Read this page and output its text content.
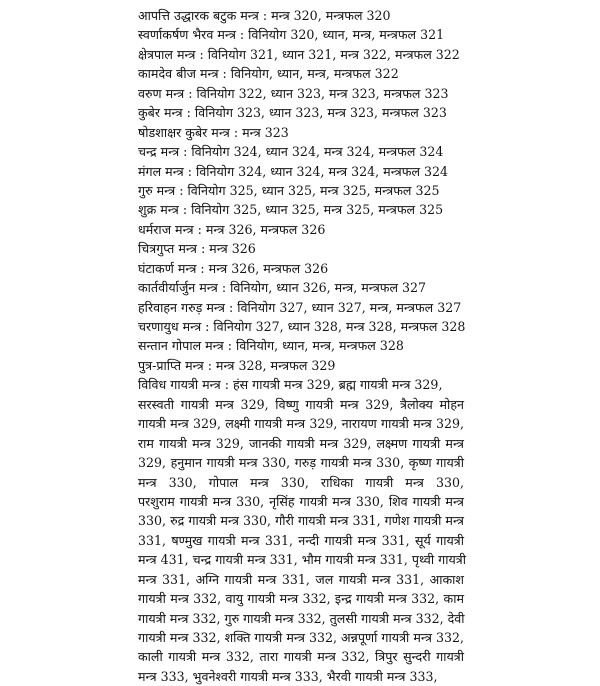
आपत्ति उद्धारक बटुक मन्त्र : मन्त्र 320, मन्त्रफल 320
स्वर्णाकर्षण भैरव मन्त्र : विनियोग 320, ध्यान, मन्त्र, मन्त्रफल 321
क्षेत्रपाल मन्त्र : विनियोग 321, ध्यान 321, मन्त्र 322, मन्त्रफल 322
कामदेव बीज मन्त्र : विनियोग, ध्यान, मन्त्र, मन्त्रफल 322
वरुण मन्त्र : विनियोग 322, ध्यान 323, मन्त्र 323, मन्त्रफल 323
कुबेर मन्त्र : विनियोग 323, ध्यान 323, मन्त्र 323, मन्त्रफल 323
षोडशाक्षर कुबेर मन्त्र : मन्त्र 323
चन्द्र मन्त्र : विनियोग 324, ध्यान 324, मन्त्र 324, मन्त्रफल 324
मंगल मन्त्र : विनियोग 324, ध्यान 324, मन्त्र 324, मन्त्रफल 324
गुरु मन्त्र : विनियोग 325, ध्यान 325, मन्त्र 325, मन्त्रफल 325
शुक्र मन्त्र : विनियोग 325, ध्यान 325, मन्त्र 325, मन्त्रफल 325
धर्मराज मन्त्र : मन्त्र 326, मन्त्रफल 326
चित्रगुप्त मन्त्र : मन्त्र 326
घंटाकर्ण मन्त्र : मन्त्र 326, मन्त्रफल 326
कार्तवीर्यार्जुन मन्त्र : विनियोग, ध्यान 326, मन्त्र, मन्त्रफल 327
हरिवाहन गरुड़ मन्त्र : विनियोग 327, ध्यान 327, मन्त्र, मन्त्रफल 327
चरणायुध मन्त्र : विनियोग 327, ध्यान 328, मन्त्र 328, मन्त्रफल 328
सन्तान गोपाल मन्त्र : विनियोग, ध्यान, मन्त्र, मन्त्रफल 328
पुत्र-प्राप्ति मन्त्र : मन्त्र 328, मन्त्रफल 329
विविध गायत्री मन्त्र : हंस गायत्री मन्त्र 329, ब्रह्म गायत्री मन्त्र 329,
सरस्वती गायत्री मन्त्र 329, विष्णु गायत्री मन्त्र 329, त्रैलोक्य मोहन
गायत्री मन्त्र 329, लक्ष्मी गायत्री मन्त्र 329, नारायण गायत्री मन्त्र 329,
राम गायत्री मन्त्र 329, जानकी गायत्री मन्त्र 329, लक्ष्मण गायत्री मन्त्र
329, हनुमान गायत्री मन्त्र 330, गरुड़ गायत्री मन्त्र 330, कृष्ण गायत्री
मन्त्र 330, गोपाल मन्त्र 330, राधिका गायत्री मन्त्र 330,
परशुराम गायत्री मन्त्र 330, नृसिंह गायत्री मन्त्र 330, शिव गायत्री मन्त्र
330, रुद्र गायत्री मन्त्र 330, गौरी गायत्री मन्त्र 331, गणेश गायत्री मन्त्र
331, षण्मुख गायत्री मन्त्र 331, नन्दी गायत्री मन्त्र 331, सूर्य गायत्री
मन्त्र 431, चन्द्र गायत्री मन्त्र 331, भौम गायत्री मन्त्र 331, पृथ्वी गायत्री
मन्त्र 331, अग्नि गायत्री मन्त्र 331, जल गायत्री मन्त्र 331, आकाश
गायत्री मन्त्र 332, वायु गायत्री मन्त्र 332, इन्द्र गायत्री मन्त्र 332, काम
गायत्री मन्त्र 332, गुरु गायत्री मन्त्र 332, तुलसी गायत्री मन्त्र 332, देवी
गायत्री मन्त्र 332, शक्ति गायत्री मन्त्र 332, अन्नपूर्णा गायत्री मन्त्र 332,
काली गायत्री मन्त्र 332, तारा गायत्री मन्त्र 332, त्रिपुर सुन्दरी गायत्री
मन्त्र 333, भुवनेश्वरी गायत्री मन्त्र 333, भैरवी गायत्री मन्त्र 333,
